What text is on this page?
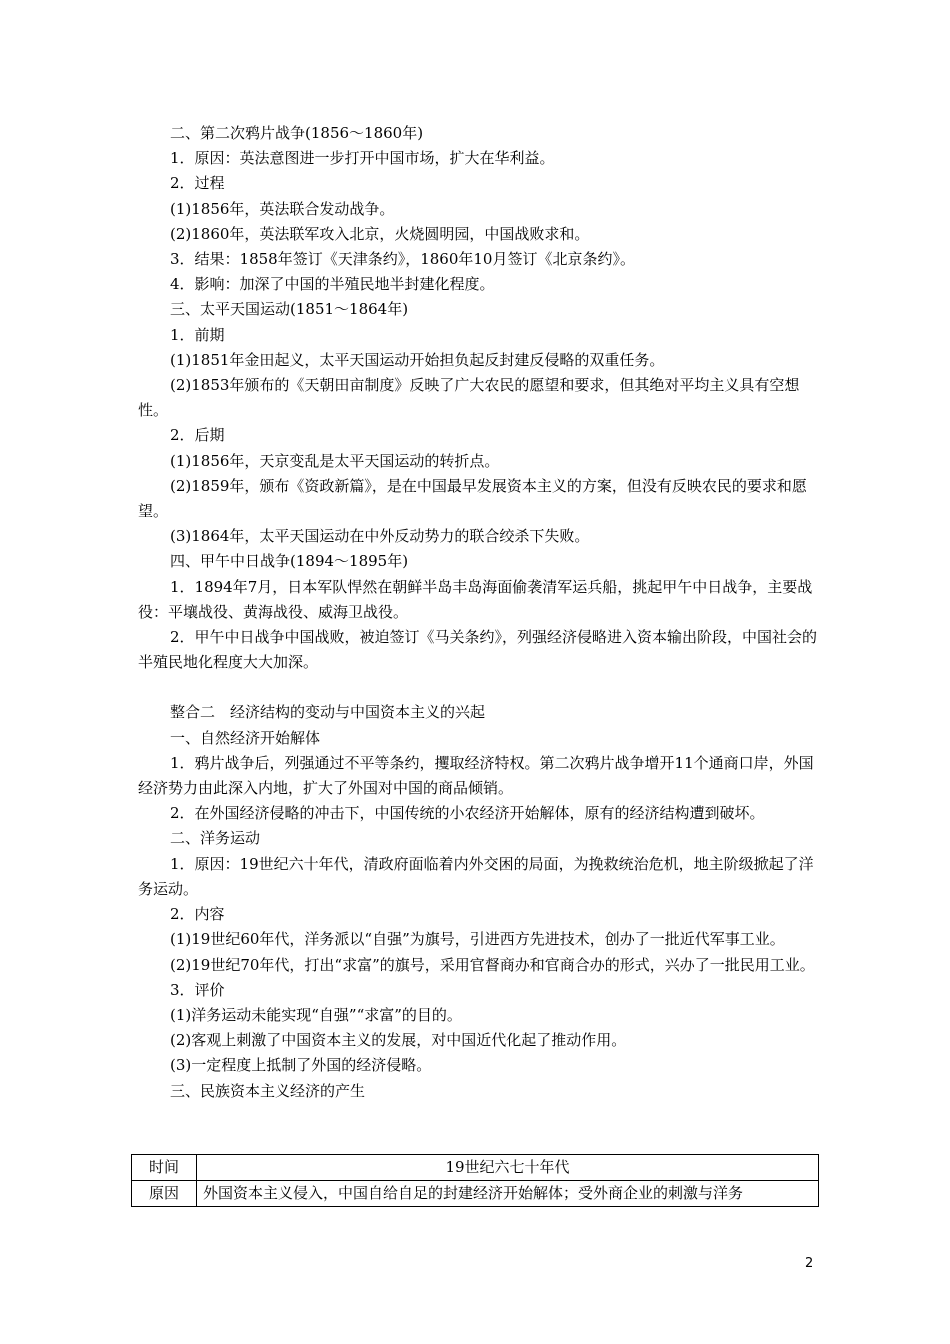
二、第二次鸦片战争(1856～1860年)

1．原因：英法意图进一步打开中国市场，扩大在华利益。

2．过程

(1)1856年，英法联合发动战争。

(2)1860年，英法联军攻入北京，火烧圆明园，中国战败求和。

3．结果：1858年签订《天津条约》，1860年10月签订《北京条约》。

4．影响：加深了中国的半殖民地半封建化程度。

三、太平天国运动(1851～1864年)

1．前期

(1)1851年金田起义，太平天国运动开始担负起反封建反侵略的双重任务。

(2)1853年颁布的《天朝田亩制度》反映了广大农民的愿望和要求，但其绝对平均主义具有空想性。

2．后期

(1)1856年，天京变乱是太平天国运动的转折点。

(2)1859年，颁布《资政新篇》，是在中国最早发展资本主义的方案，但没有反映农民的要求和愿望。

(3)1864年，太平天国运动在中外反动势力的联合绞杀下失败。

四、甲午中日战争(1894～1895年)

1．1894年7月，日本军队悍然在朝鲜半岛丰岛海面偷袭清军运兵船，挑起甲午中日战争，主要战役：平壤战役、黄海战役、威海卫战役。

2．甲午中日战争中国战败，被迫签订《马关条约》，列强经济侵略进入资本输出阶段，中国社会的半殖民地化程度大大加深。

整合二　经济结构的变动与中国资本主义的兴起

一、自然经济开始解体

1．鸦片战争后，列强通过不平等条约，攫取经济特权。第二次鸦片战争增开11个通商口岸，外国经济势力由此深入内地，扩大了外国对中国的商品倾销。

2．在外国经济侵略的冲击下，中国传统的小农经济开始解体，原有的经济结构遭到破坏。

二、洋务运动

1．原因：19世纪六十年代，清政府面临着内外交困的局面，为挽救统治危机，地主阶级掀起了洋务运动。

2．内容

(1)19世纪60年代，洋务派以“自强”为旗号，引进西方先进技术，创办了一批近代军事工业。

(2)19世纪70年代，打出“求富”的旗号，采用官督商办和官商合办的形式，兴办了一批民用工业。

3．评价

(1)洋务运动未能实现“自强”“求富”的目的。

(2)客观上刺激了中国资本主义的发展，对中国近代化起了推动作用。

(3)一定程度上抵制了外国的经济侵略。

三、民族资本主义经济的产生

时间	19世纪六七十年代
原因	外国资本主义侵入，中国自给自足的封建经济开始解体；受外商企业的刺激与洋务
2
